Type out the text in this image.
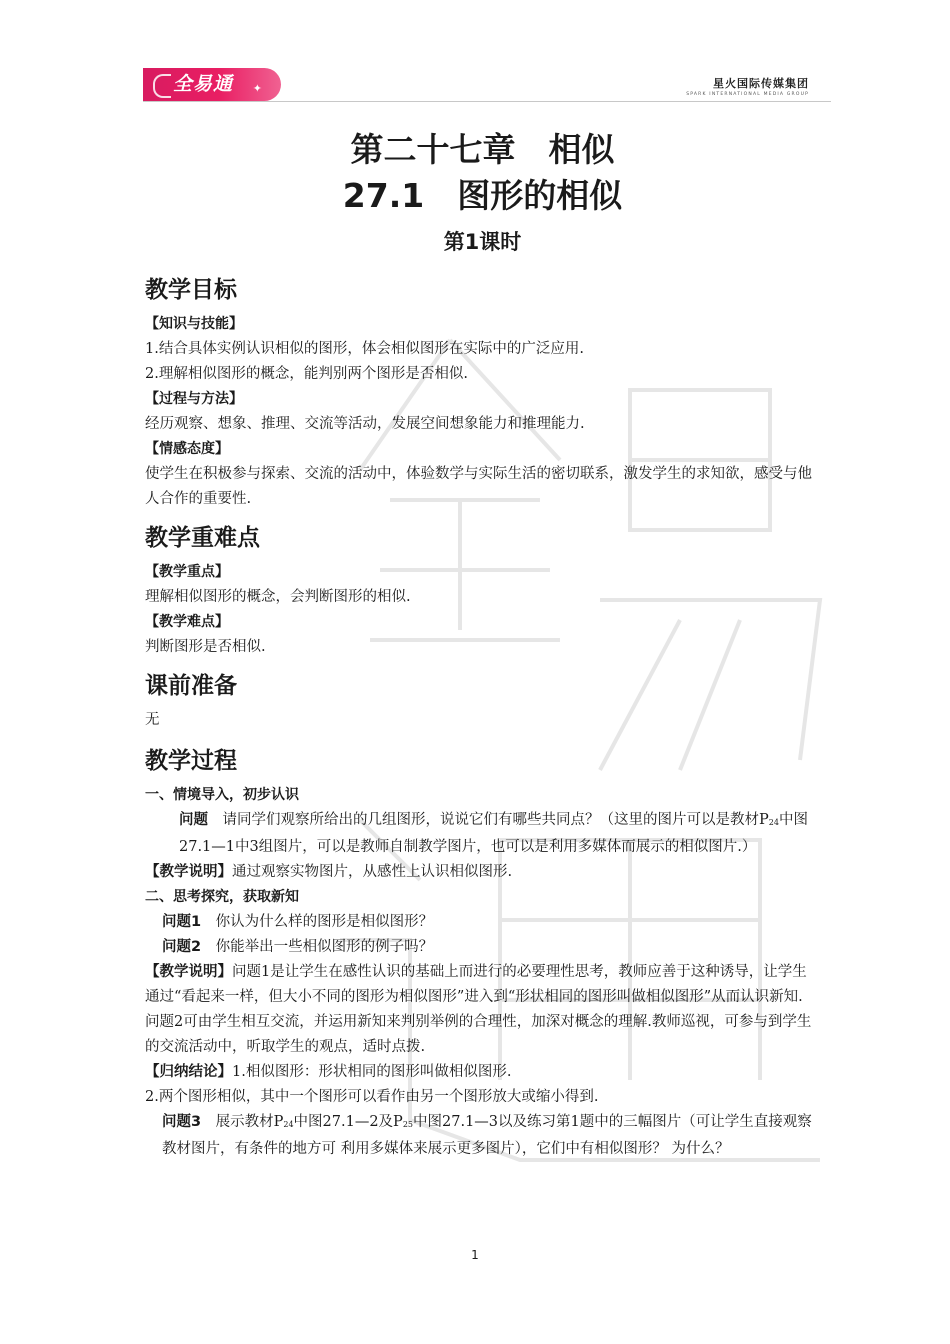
全易通 ✦	星火国际传媒集团
SPARK INTERNATIONAL MEDIA GROUP
第二十七章　相似
27.1　图形的相似
第1课时
教学目标
【知识与技能】

1.结合具体实例认识相似的图形，体会相似图形在实际中的广泛应用.

2.理解相似图形的概念，能判别两个图形是否相似.

【过程与方法】

经历观察、想象、推理、交流等活动，发展空间想象能力和推理能力.

【情感态度】

使学生在积极参与探索、交流的活动中，体验数学与实际生活的密切联系，激发学生的求知欲，感受与他人合作的重要性.

教学重难点
【教学重点】

理解相似图形的概念，会判断图形的相似.

【教学难点】

判断图形是否相似.

课前准备

无

教学过程
一、情境导入，初步认识

问题　请同学们观察所给出的几组图形，说说它们有哪些共同点？（这里的图片可以是教材$P_{24}$中图27.1—1中3组图片，可以是教师自制教学图片，也可以是利用多媒体而展示的相似图片.）

【教学说明】通过观察实物图片，从感性上认识相似图形.

二、思考探究，获取新知

问题1　你认为什么样的图形是相似图形？

问题2　你能举出一些相似图形的例子吗？

【教学说明】问题1是让学生在感性认识的基础上而进行的必要理性思考，教师应善于这种诱导，让学生通过“看起来一样，但大小不同的图形为相似图形”进入到“形状相同的图形叫做相似图形”从而认识新知.问题2可由学生相互交流，并运用新知来判别举例的合理性，加深对概念的理解.教师巡视，可参与到学生的交流活动中，听取学生的观点，适时点拨.

【归纳结论】1.相似图形：形状相同的图形叫做相似图形.

2.两个图形相似，其中一个图形可以看作由另一个图形放大或缩小得到.

问题3　展示教材$P_{24}$中图27.1—2及$P_{25}$中图27.1—3以及练习第1题中的三幅图片（可让学生直接观察教材图片，有条件的地方可 利用多媒体来展示更多图片），它们中有相似图形？ 为什么？

1
